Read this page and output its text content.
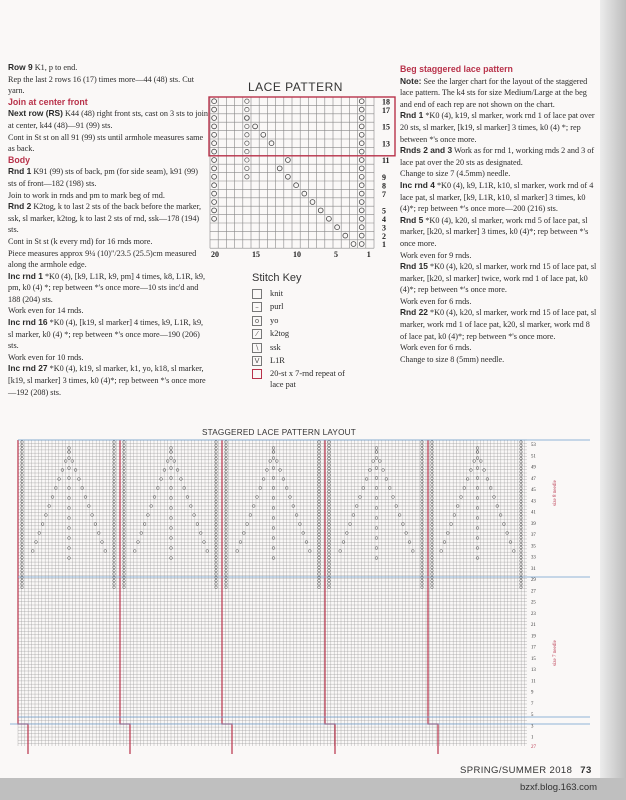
Row 9 K1, p to end.

Rep the last 2 rows 16 (17) times more—44 (48) sts. Cut yarn.

Join at center front

Next row (RS) K44 (48) right front sts, cast on 3 sts to join at center, k44 (48)—91 (99) sts.

Cont in St st on all 91 (99) sts until armhole measures same as back.

Body

Rnd 1 K91 (99) sts of back, pm (for side seam), k91 (99) sts of front—182 (198) sts.

Join to work in rnds and pm to mark beg of rnd.

Rnd 2 K2tog, k to last 2 sts of the back before the marker, ssk, sl marker, k2tog, k to last 2 sts of rnd, ssk—178 (194) sts.

Cont in St st (k every rnd) for 16 rnds more.

Piece measures approx 9¼ (10)"/23.5 (25.5)cm measured along the armhole edge.

Inc rnd 1 *K0 (4), [k9, L1R, k9, pm] 4 times, k8, L1R, k9, pm, k0 (4) *; rep between *'s once more—10 sts inc'd and 188 (204) sts.

Work even for 14 rnds.

Inc rnd 16 *K0 (4), [k19, sl marker] 4 times, k9, L1R, k9, sl marker, k0 (4) *; rep between *'s once more—190 (206) sts.

Work even for 10 rnds.

Inc rnd 27 *K0 (4), k19, sl marker, k1, yo, k18, sl marker, [k19, sl marker] 3 times, k0 (4)*; rep between *'s once more—192 (208) sts.

Beg staggered lace pattern

Note: See the larger chart for the layout of the staggered lace pattern. The k4 sts for size Medium/Large at the beg and end of each rep are not shown on the chart.

Rnd 1 *K0 (4), k19, sl marker, work rnd 1 of lace pat over 20 sts, sl marker, [k19, sl marker] 3 times, k0 (4) *; rep between *'s once more.

Rnds 2 and 3 Work as for rnd 1, working rnds 2 and 3 of lace pat over the 20 sts as designated.

Change to size 7 (4.5mm) needle.

Inc rnd 4 *K0 (4), k9, L1R, k10, sl marker, work rnd of 4 lace pat, sl marker, [k9, L1R, k10, sl marker] 3 times, k0 (4)*; rep between *'s once more—200 (216) sts.

Rnd 5 *K0 (4), k20, sl marker, work rnd 5 of lace pat, sl marker, [k20, sl marker] 3 times, k0 (4)*; rep between *'s once more.

Work even for 9 rnds.

Rnd 15 *K0 (4), k20, sl marker, work rnd 15 of lace pat, sl marker, [k20, sl marker] twice, work rnd 1 of lace pat, k0 (4)*; rep between *'s once more.

Work even for 6 rnds.

Rnd 22 *K0 (4), k20, sl marker, work rnd 15 of lace pat, sl marker, work rnd 1 of lace pat, k20, sl marker, work rnd 8 of lace pat, k0 (4)*; rep between *'s once more.

Work even for 6 rnds.

Change to size 8 (5mm) needle.

LACE PATTERN
18
17
15
13
11
9
8
7
5
4
3
2
1
20	15	10	5	1
Stitch Key
knit
–	purl
o	yo
⁄	k2tog
∖	ssk
ᐯ	L1R
20-st x 7-rnd repeat of lace pat
STAGGERED LACE PATTERN LAYOUT
53
51
49
47
45
43
41
39
37
35
33
31
29
27
25
23
21
19
17
15
13
11
9
7
5
3
1
27
size 8 needle
size 7 needle
SPRING/SUMMER 2018 73
bzxf.blog.163.com
